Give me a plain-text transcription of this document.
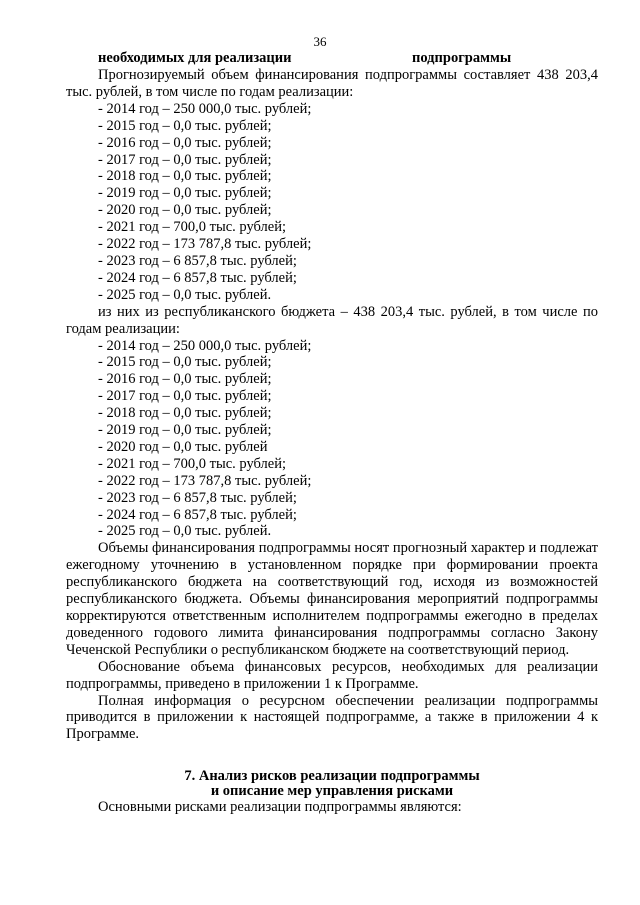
36
необходимых для реализации	подпрограммы

Прогнозируемый объем финансирования подпрограммы составляет 438 203,4 тыс. рублей, в том числе по годам реализации:

- 2014 год – 250 000,0 тыс. рублей;
- 2015 год – 0,0 тыс. рублей;
- 2016 год – 0,0 тыс. рублей;
- 2017 год – 0,0 тыс. рублей;
- 2018 год – 0,0 тыс. рублей;
- 2019 год – 0,0 тыс. рублей;
- 2020 год – 0,0 тыс. рублей;
- 2021 год – 700,0 тыс. рублей;
- 2022 год – 173 787,8 тыс. рублей;
- 2023 год – 6 857,8 тыс. рублей;
- 2024 год – 6 857,8 тыс. рублей;
- 2025 год – 0,0 тыс. рублей.

из них из республиканского бюджета – 438 203,4 тыс. рублей, в том числе по годам реализации:

- 2014 год – 250 000,0 тыс. рублей;
- 2015 год – 0,0 тыс. рублей;
- 2016 год – 0,0 тыс. рублей;
- 2017 год – 0,0 тыс. рублей;
- 2018 год – 0,0 тыс. рублей;
- 2019 год – 0,0 тыс. рублей;
- 2020 год – 0,0 тыс. рублей
- 2021 год – 700,0 тыс. рублей;
- 2022 год – 173 787,8 тыс. рублей;
- 2023 год – 6 857,8 тыс. рублей;
- 2024 год – 6 857,8 тыс. рублей;
- 2025 год – 0,0 тыс. рублей.

Объемы финансирования подпрограммы носят прогнозный характер и подлежат ежегодному уточнению в установленном порядке при формировании проекта республиканского бюджета на соответствующий год, исходя из возможностей республиканского бюджета. Объемы финансирования мероприятий подпрограммы корректируются ответственным исполнителем подпрограммы ежегодно в пределах доведенного годового лимита финансирования подпрограммы согласно Закону Чеченской Республики о республиканском бюджете на соответствующий период.

Обоснование объема финансовых ресурсов, необходимых для реализации подпрограммы, приведено в приложении 1 к Программе.

Полная информация о ресурсном обеспечении реализации подпрограммы приводится в приложении к настоящей подпрограмме, а также в приложении 4 к Программе.

7. Анализ рисков реализации подпрограммы
и описание мер управления рисками

Основными рисками реализации подпрограммы являются:
